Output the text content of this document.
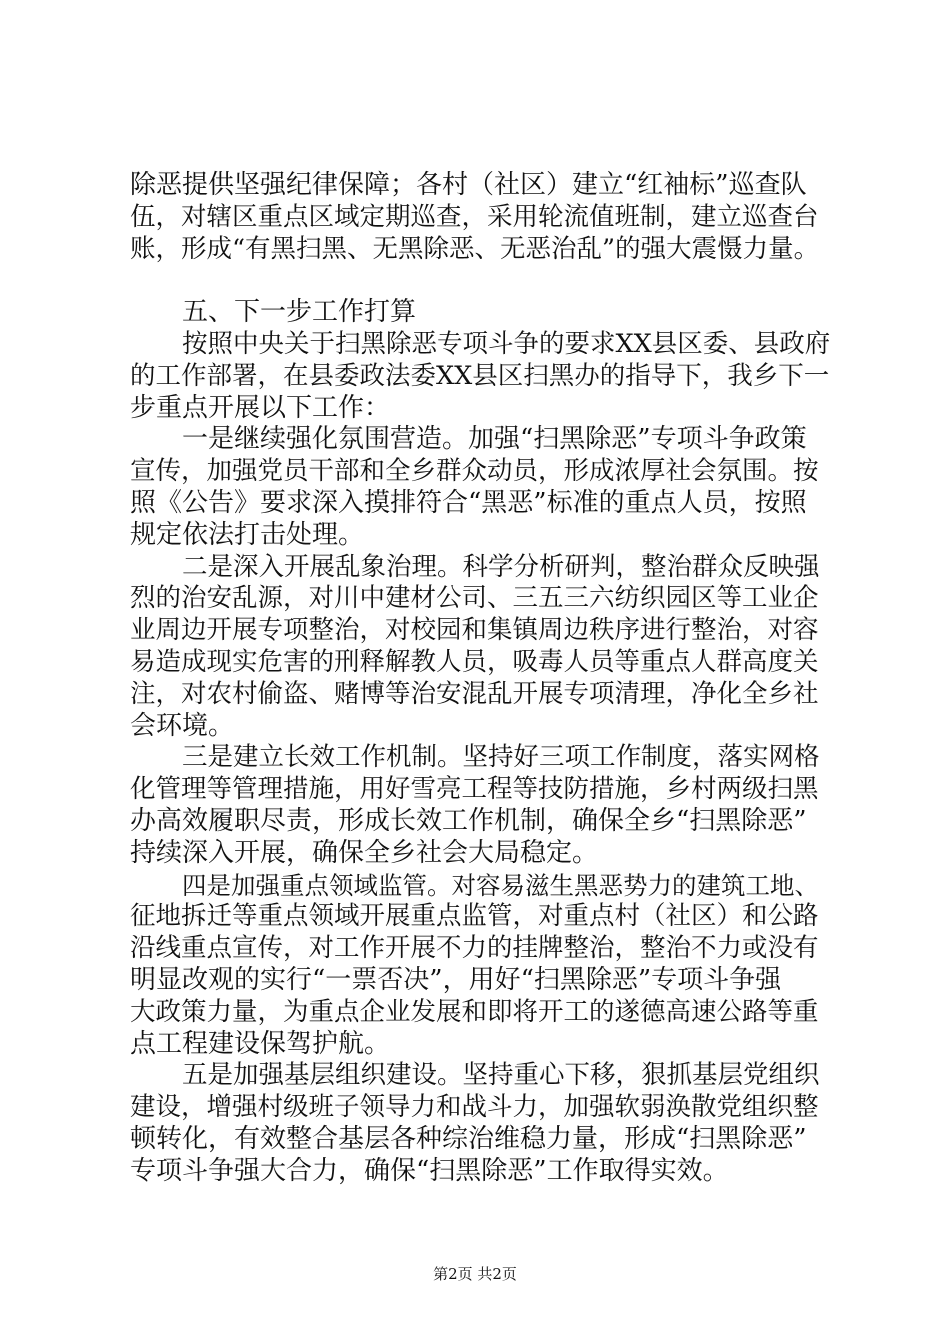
除恶提供坚强纪律保障；各村（社区）建立“红袖标”巡查队
伍，对辖区重点区域定期巡查，采用轮流值班制，建立巡查台
账，形成“有黑扫黑、无黑除恶、无恶治乱”的强大震慑力量。
五、下一步工作打算
按照中央关于扫黑除恶专项斗争的要求XX县区委、县政府
的工作部署，在县委政法委XX县区扫黑办的指导下，我乡下一
步重点开展以下工作：
一是继续强化氛围营造。加强“扫黑除恶”专项斗争政策
宣传，加强党员干部和全乡群众动员，形成浓厚社会氛围。按
照《公告》要求深入摸排符合“黑恶”标准的重点人员，按照
规定依法打击处理。
二是深入开展乱象治理。科学分析研判，整治群众反映强
烈的治安乱源，对川中建材公司、三五三六纺织园区等工业企
业周边开展专项整治，对校园和集镇周边秩序进行整治，对容
易造成现实危害的刑释解教人员，吸毒人员等重点人群高度关
注，对农村偷盗、赌博等治安混乱开展专项清理，净化全乡社
会环境。
三是建立长效工作机制。坚持好三项工作制度，落实网格
化管理等管理措施，用好雪亮工程等技防措施，乡村两级扫黑
办高效履职尽责，形成长效工作机制，确保全乡“扫黑除恶”
持续深入开展，确保全乡社会大局稳定。
四是加强重点领域监管。对容易滋生黑恶势力的建筑工地、
征地拆迁等重点领域开展重点监管，对重点村（社区）和公路
沿线重点宣传，对工作开展不力的挂牌整治，整治不力或没有
明显改观的实行“一票否决”，用好“扫黑除恶”专项斗争强
大政策力量，为重点企业发展和即将开工的遂德高速公路等重
点工程建设保驾护航。
五是加强基层组织建设。坚持重心下移，狠抓基层党组织
建设，增强村级班子领导力和战斗力，加强软弱涣散党组织整
顿转化，有效整合基层各种综治维稳力量，形成“扫黑除恶”
专项斗争强大合力，确保“扫黑除恶”工作取得实效。
第2页 共2页
